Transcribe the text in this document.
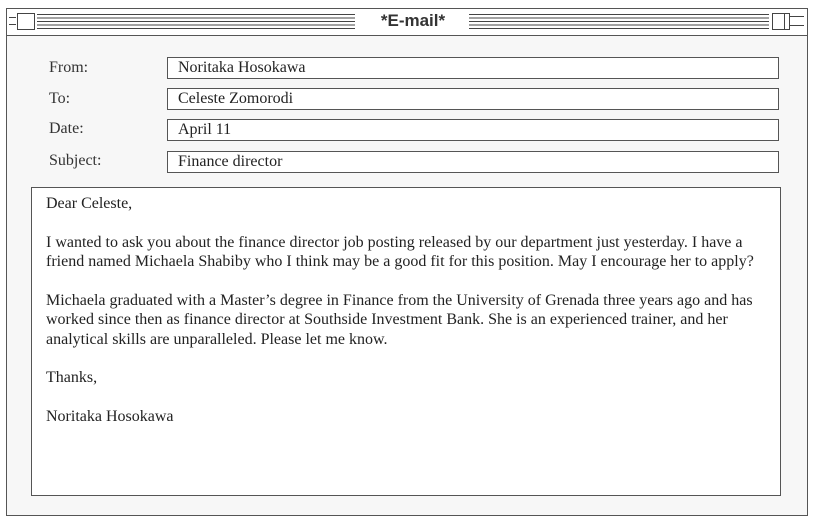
*E-mail*
From:	Noritaka Hosokawa
To:	Celeste Zomorodi
Date:	April 11
Subject:	Finance director

Dear Celeste,

I wanted to ask you about the finance director job posting released by our department just yesterday. I have a friend named Michaela Shabiby who I think may be a good fit for this position. May I encourage her to apply?

Michaela graduated with a Master’s degree in Finance from the University of Grenada three years ago and has worked since then as finance director at Southside Investment Bank. She is an experienced trainer, and her analytical skills are unparalleled. Please let me know.

Thanks,

Noritaka Hosokawa
